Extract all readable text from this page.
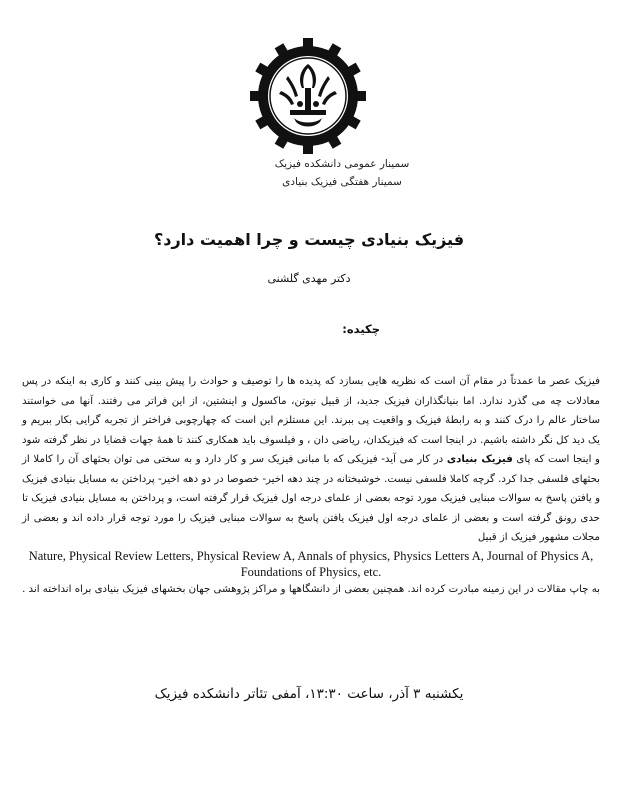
سمینار عمومی دانشکده فیزیک
سمینار هفتگی فیزیک بنیادی
فیزیک بنیادی چیست و چرا اهمیت دارد؟
دکتر مهدی گلشنی
چکیده:

فیزیک عصر ما عمدتاً در مقام آن است که نظریه هایی بسازد که پدیده ها را توصیف و حوادث را پیش بینی کنند و کاری به اینکه در پس معادلات چه می گذرد ندارد. اما بنیانگذاران فیزیک جدید، از قبیل نیوتن، ماکسول و اینشتین، از این فراتر می رفتند. آنها می خواستند ساختار عالم را درک کنند و به رابطهٔ فیزیک و واقعیت پی ببرند. این مستلزم این است که چهارچوبی فراختر از تجربه گرایی بکار ببریم و یک دید کل نگر داشته باشیم. در اینجا است که فیزیکدان، ریاضی دان ، و فیلسوف باید همکاری کنند تا همهٔ جهات قضایا در نظر گرفته شود و اینجا است که پای فیزیک بنیادی در کار می آید- فیزیکی که با مبانی فیزیک سر و کار دارد و به سختی می توان بحثهای آن را کاملا از بحثهای فلسفی جدا کرد. گرچه کاملا فلسفی نیست. خوشبختانه در چند دهه اخیر- خصوصا در دو دهه اخیر- پرداختن به مسایل بنیادی فیزیک و یافتن پاسخ به سوالات مبنایی فیزیک مورد توجه بعضی از علمای درجه اول فیزیک قرار گرفته است، و پرداختن به مسایل بنیادی فیزیک تا حدی رونق گرفته است و بعضی از علمای درجه اول فیزیک یافتن پاسخ به سوالات مبنایی فیزیک را مورد توجه قرار داده اند و بعضی از مجلات مشهور فیزیک از قبیل

Nature, Physical Review Letters, Physical Review A, Annals of physics, Physics Letters A, Journal of Physics A, Foundations of Physics, etc.

به چاپ مقالات در این زمینه مبادرت کرده اند. همچنین بعضی از دانشگاهها و مراکز پژوهشی جهان بخشهای فیزیک بنیادی براه انداخته اند .

یکشنبه ۳ آذر، ساعت ۱۳:۳۰، آمفی تئاتر دانشکده فیزیک
